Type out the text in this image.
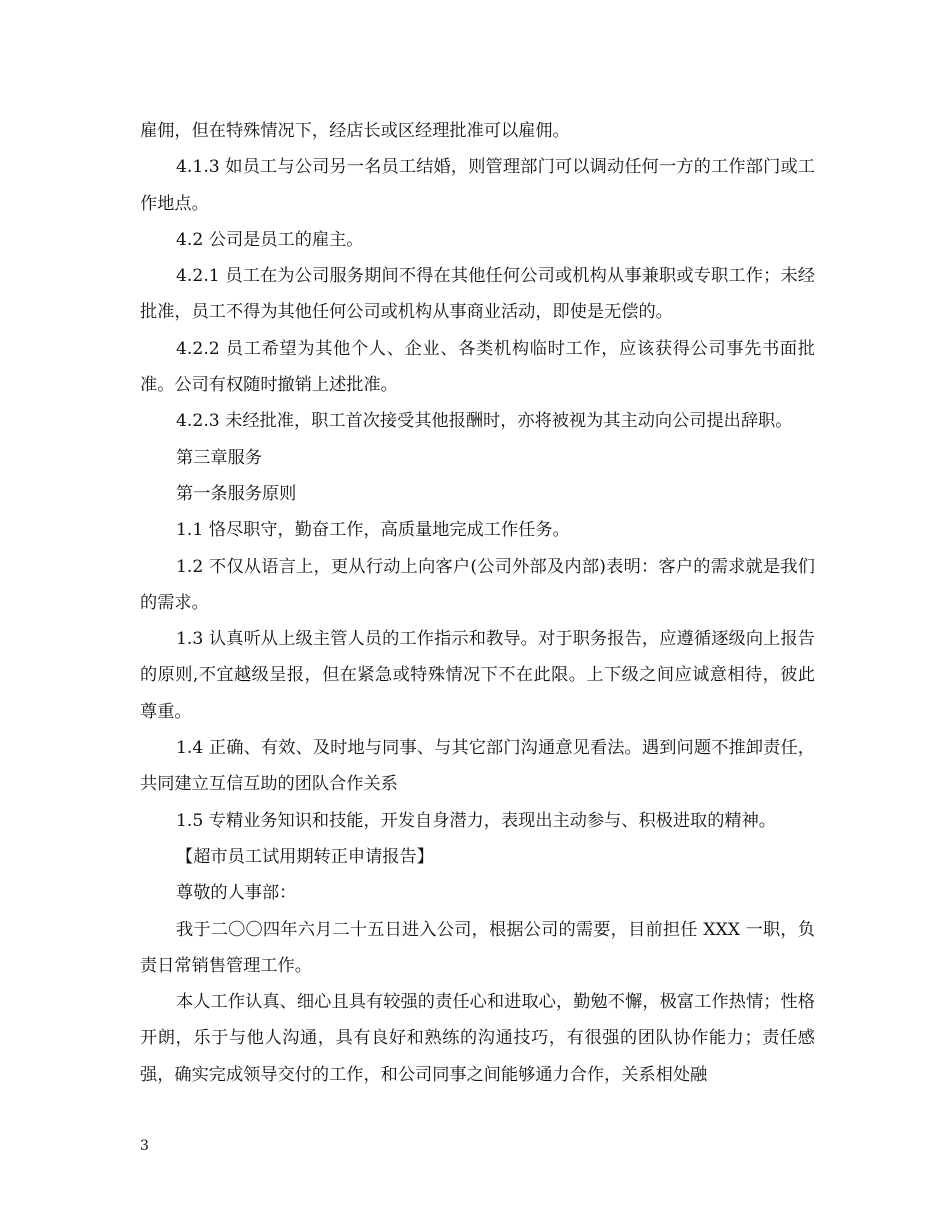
雇佣，但在特殊情况下，经店长或区经理批准可以雇佣。

4.1.3 如员工与公司另一名员工结婚，则管理部门可以调动任何一方的工作部门或工作地点。

4.2 公司是员工的雇主。

4.2.1 员工在为公司服务期间不得在其他任何公司或机构从事兼职或专职工作；未经批准，员工不得为其他任何公司或机构从事商业活动，即使是无偿的。

4.2.2 员工希望为其他个人、企业、各类机构临时工作，应该获得公司事先书面批准。公司有权随时撤销上述批准。

4.2.3 未经批准，职工首次接受其他报酬时，亦将被视为其主动向公司提出辞职。

第三章服务

第一条服务原则

1.1 恪尽职守，勤奋工作，高质量地完成工作任务。

1.2 不仅从语言上，更从行动上向客户(公司外部及内部)表明：客户的需求就是我们的需求。

1.3 认真听从上级主管人员的工作指示和教导。对于职务报告，应遵循逐级向上报告的原则,不宜越级呈报，但在紧急或特殊情况下不在此限。上下级之间应诚意相待，彼此尊重。

1.4 正确、有效、及时地与同事、与其它部门沟通意见看法。遇到问题不推卸责任，共同建立互信互助的团队合作关系

1.5 专精业务知识和技能，开发自身潜力，表现出主动参与、积极进取的精神。

【超市员工试用期转正申请报告】

尊敬的人事部：

我于二〇〇四年六月二十五日进入公司，根据公司的需要，目前担任 XXX 一职，负责日常销售管理工作。

本人工作认真、细心且具有较强的责任心和进取心，勤勉不懈，极富工作热情；性格开朗，乐于与他人沟通，具有良好和熟练的沟通技巧，有很强的团队协作能力；责任感强，确实完成领导交付的工作，和公司同事之间能够通力合作，关系相处融

3
